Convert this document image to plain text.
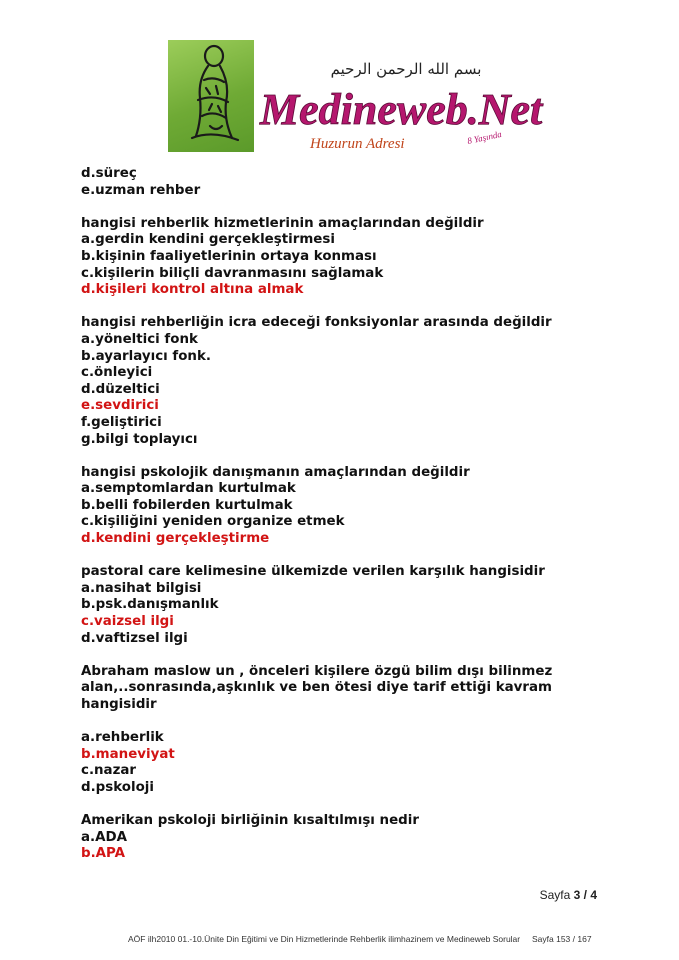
بسم الله الرحمن الرحيم
Medineweb.Net
Huzurun Adresi	8 Yaşında
d.süreç
e.uzman rehber
hangisi rehberlik hizmetlerinin amaçlarından değildir
a.gerdin kendini gerçekleştirmesi
b.kişinin faaliyetlerinin ortaya konması
c.kişilerin biliçli davranmasını sağlamak
d.kişileri kontrol altına almak
hangisi rehberliğin icra edeceği fonksiyonlar arasında değildir
a.yöneltici fonk
b.ayarlayıcı fonk.
c.önleyici
d.düzeltici
e.sevdirici
f.geliştirici
g.bilgi toplayıcı
hangisi pskolojik danışmanın amaçlarından değildir
a.semptomlardan kurtulmak
b.belli fobilerden kurtulmak
c.kişiliğini yeniden organize etmek
d.kendini gerçekleştirme
pastoral care kelimesine ülkemizde verilen karşılık hangisidir
a.nasihat bilgisi
b.psk.danışmanlık
c.vaizsel ilgi
d.vaftizsel ilgi
Abraham maslow un , önceleri kişilere özgü bilim dışı bilinmez
alan,..sonrasında,aşkınlık ve ben ötesi diye tarif ettiği kavram
hangisidir
a.rehberlik
b.maneviyat
c.nazar
d.pskoloji
Amerikan pskoloji birliğinin kısaltılmışı nedir
a.ADA
b.APA
Sayfa 3 / 4
AÖF ilh2010 01.-10.Ünite Din Eğitimi ve Din Hizmetlerinde Rehberlik ilimhazinem ve Medineweb Sorular Sayfa 153 / 167
